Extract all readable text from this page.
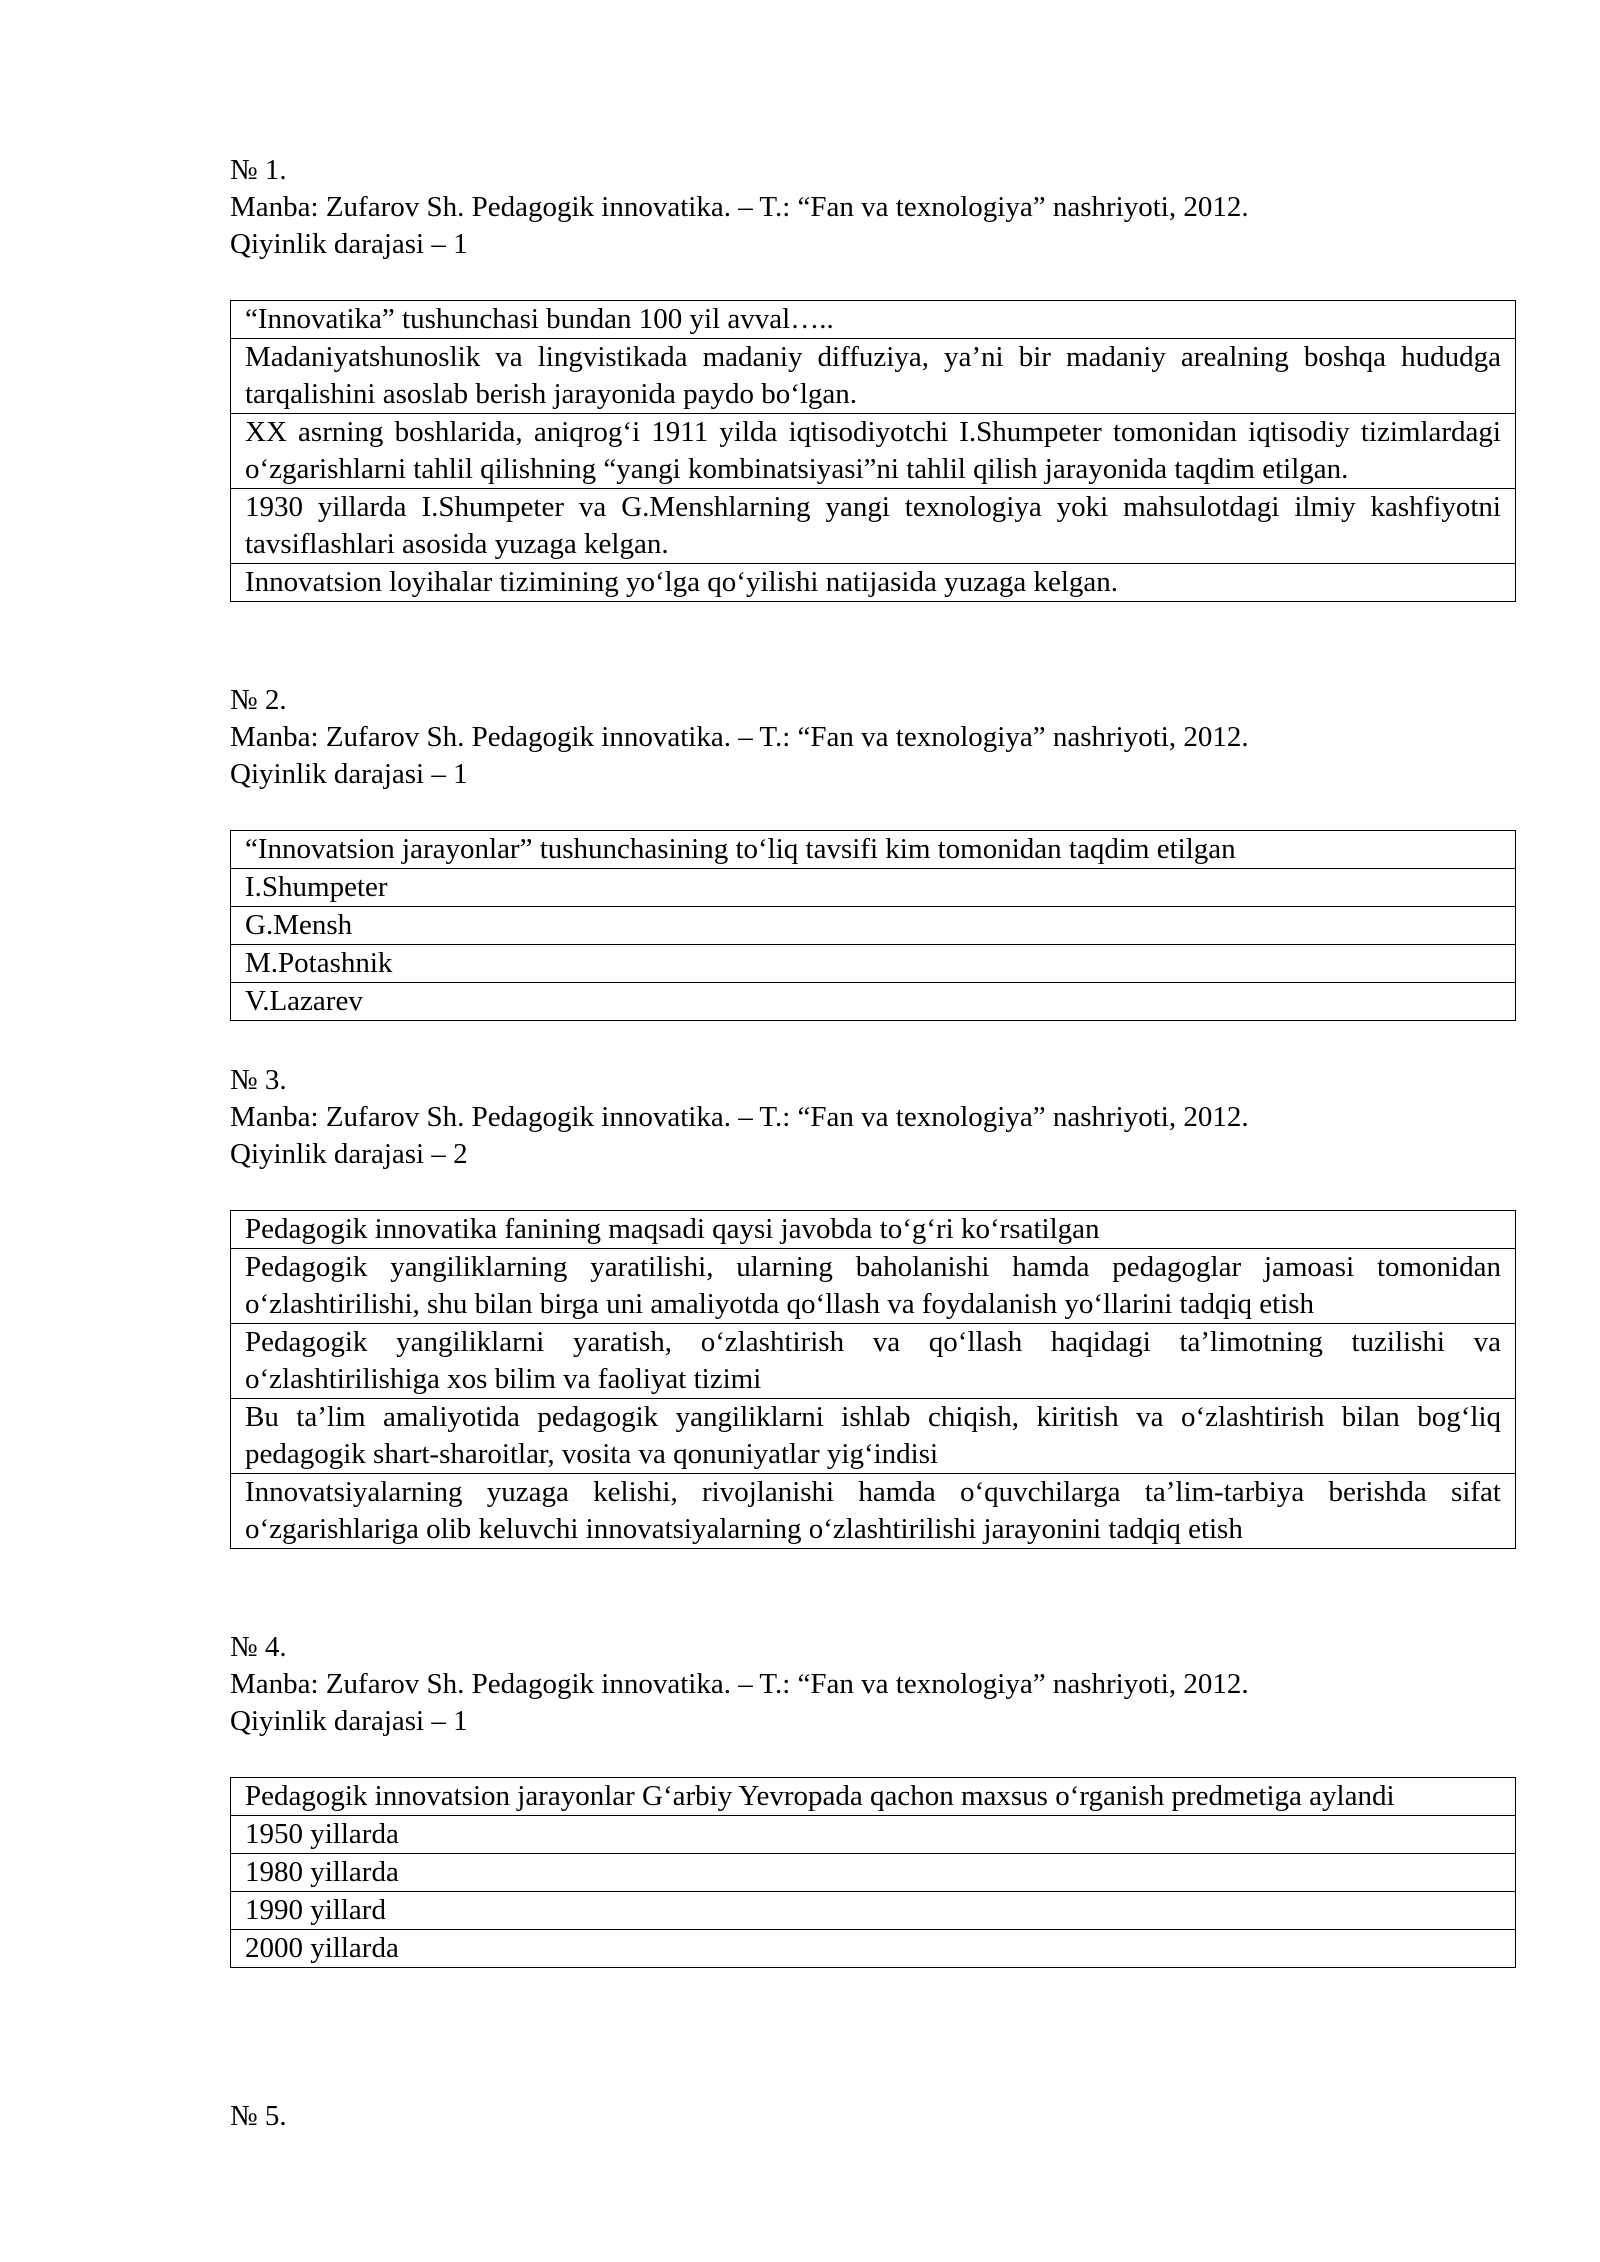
№ 1.
Manba: Zufarov Sh. Pedagogik innovatika. – T.: “Fan va texnologiya” nashriyoti, 2012.
Qiyinlik darajasi – 1
“Innovatika” tushunchasi bundan 100 yil avval…..
Madaniyatshunoslik va lingvistikada madaniy diffuziya, ya’ni bir madaniy arealning boshqa hududga tarqalishini asoslab berish jarayonida paydo bo‘lgan.
XX asrning boshlarida, aniqrog‘i 1911 yilda iqtisodiyotchi I.Shumpeter tomonidan iqtisodiy tizimlardagi o‘zgarishlarni tahlil qilishning “yangi kombinatsiyasi”ni tahlil qilish jarayonida taqdim etilgan.
1930 yillarda I.Shumpeter va G.Menshlarning yangi texnologiya yoki mahsulotdagi ilmiy kashfiyotni tavsiflashlari asosida yuzaga kelgan.
Innovatsion loyihalar tizimining yo‘lga qo‘yilishi natijasida yuzaga kelgan.
№ 2.
Manba: Zufarov Sh. Pedagogik innovatika. – T.: “Fan va texnologiya” nashriyoti, 2012.
Qiyinlik darajasi – 1
“Innovatsion jarayonlar” tushunchasining to‘liq tavsifi kim tomonidan taqdim etilgan
I.Shumpeter
G.Mensh
M.Potashnik
V.Lazarev
№ 3.
Manba: Zufarov Sh. Pedagogik innovatika. – T.: “Fan va texnologiya” nashriyoti, 2012.
Qiyinlik darajasi – 2
Pedagogik innovatika fanining maqsadi qaysi javobda to‘g‘ri ko‘rsatilgan
Pedagogik yangiliklarning yaratilishi, ularning baholanishi hamda pedagoglar jamoasi tomonidan o‘zlashtirilishi, shu bilan birga uni amaliyotda qo‘llash va foydalanish yo‘llarini tadqiq etish
Pedagogik yangiliklarni yaratish, o‘zlashtirish va qo‘llash haqidagi ta’limotning tuzilishi va o‘zlashtirilishiga xos bilim va faoliyat tizimi
Bu ta’lim amaliyotida pedagogik yangiliklarni ishlab chiqish, kiritish va o‘zlashtirish bilan bog‘liq pedagogik shart-sharoitlar, vosita va qonuniyatlar yig‘indisi
Innovatsiyalarning yuzaga kelishi, rivojlanishi hamda o‘quvchilarga ta’lim-tarbiya berishda sifat o‘zgarishlariga olib keluvchi innovatsiyalarning o‘zlashtirilishi jarayonini tadqiq etish
№ 4.
Manba: Zufarov Sh. Pedagogik innovatika. – T.: “Fan va texnologiya” nashriyoti, 2012.
Qiyinlik darajasi – 1
Pedagogik innovatsion jarayonlar G‘arbiy Yevropada qachon maxsus o‘rganish predmetiga aylandi
1950 yillarda
1980 yillarda
1990 yillard
2000 yillarda
№ 5.
